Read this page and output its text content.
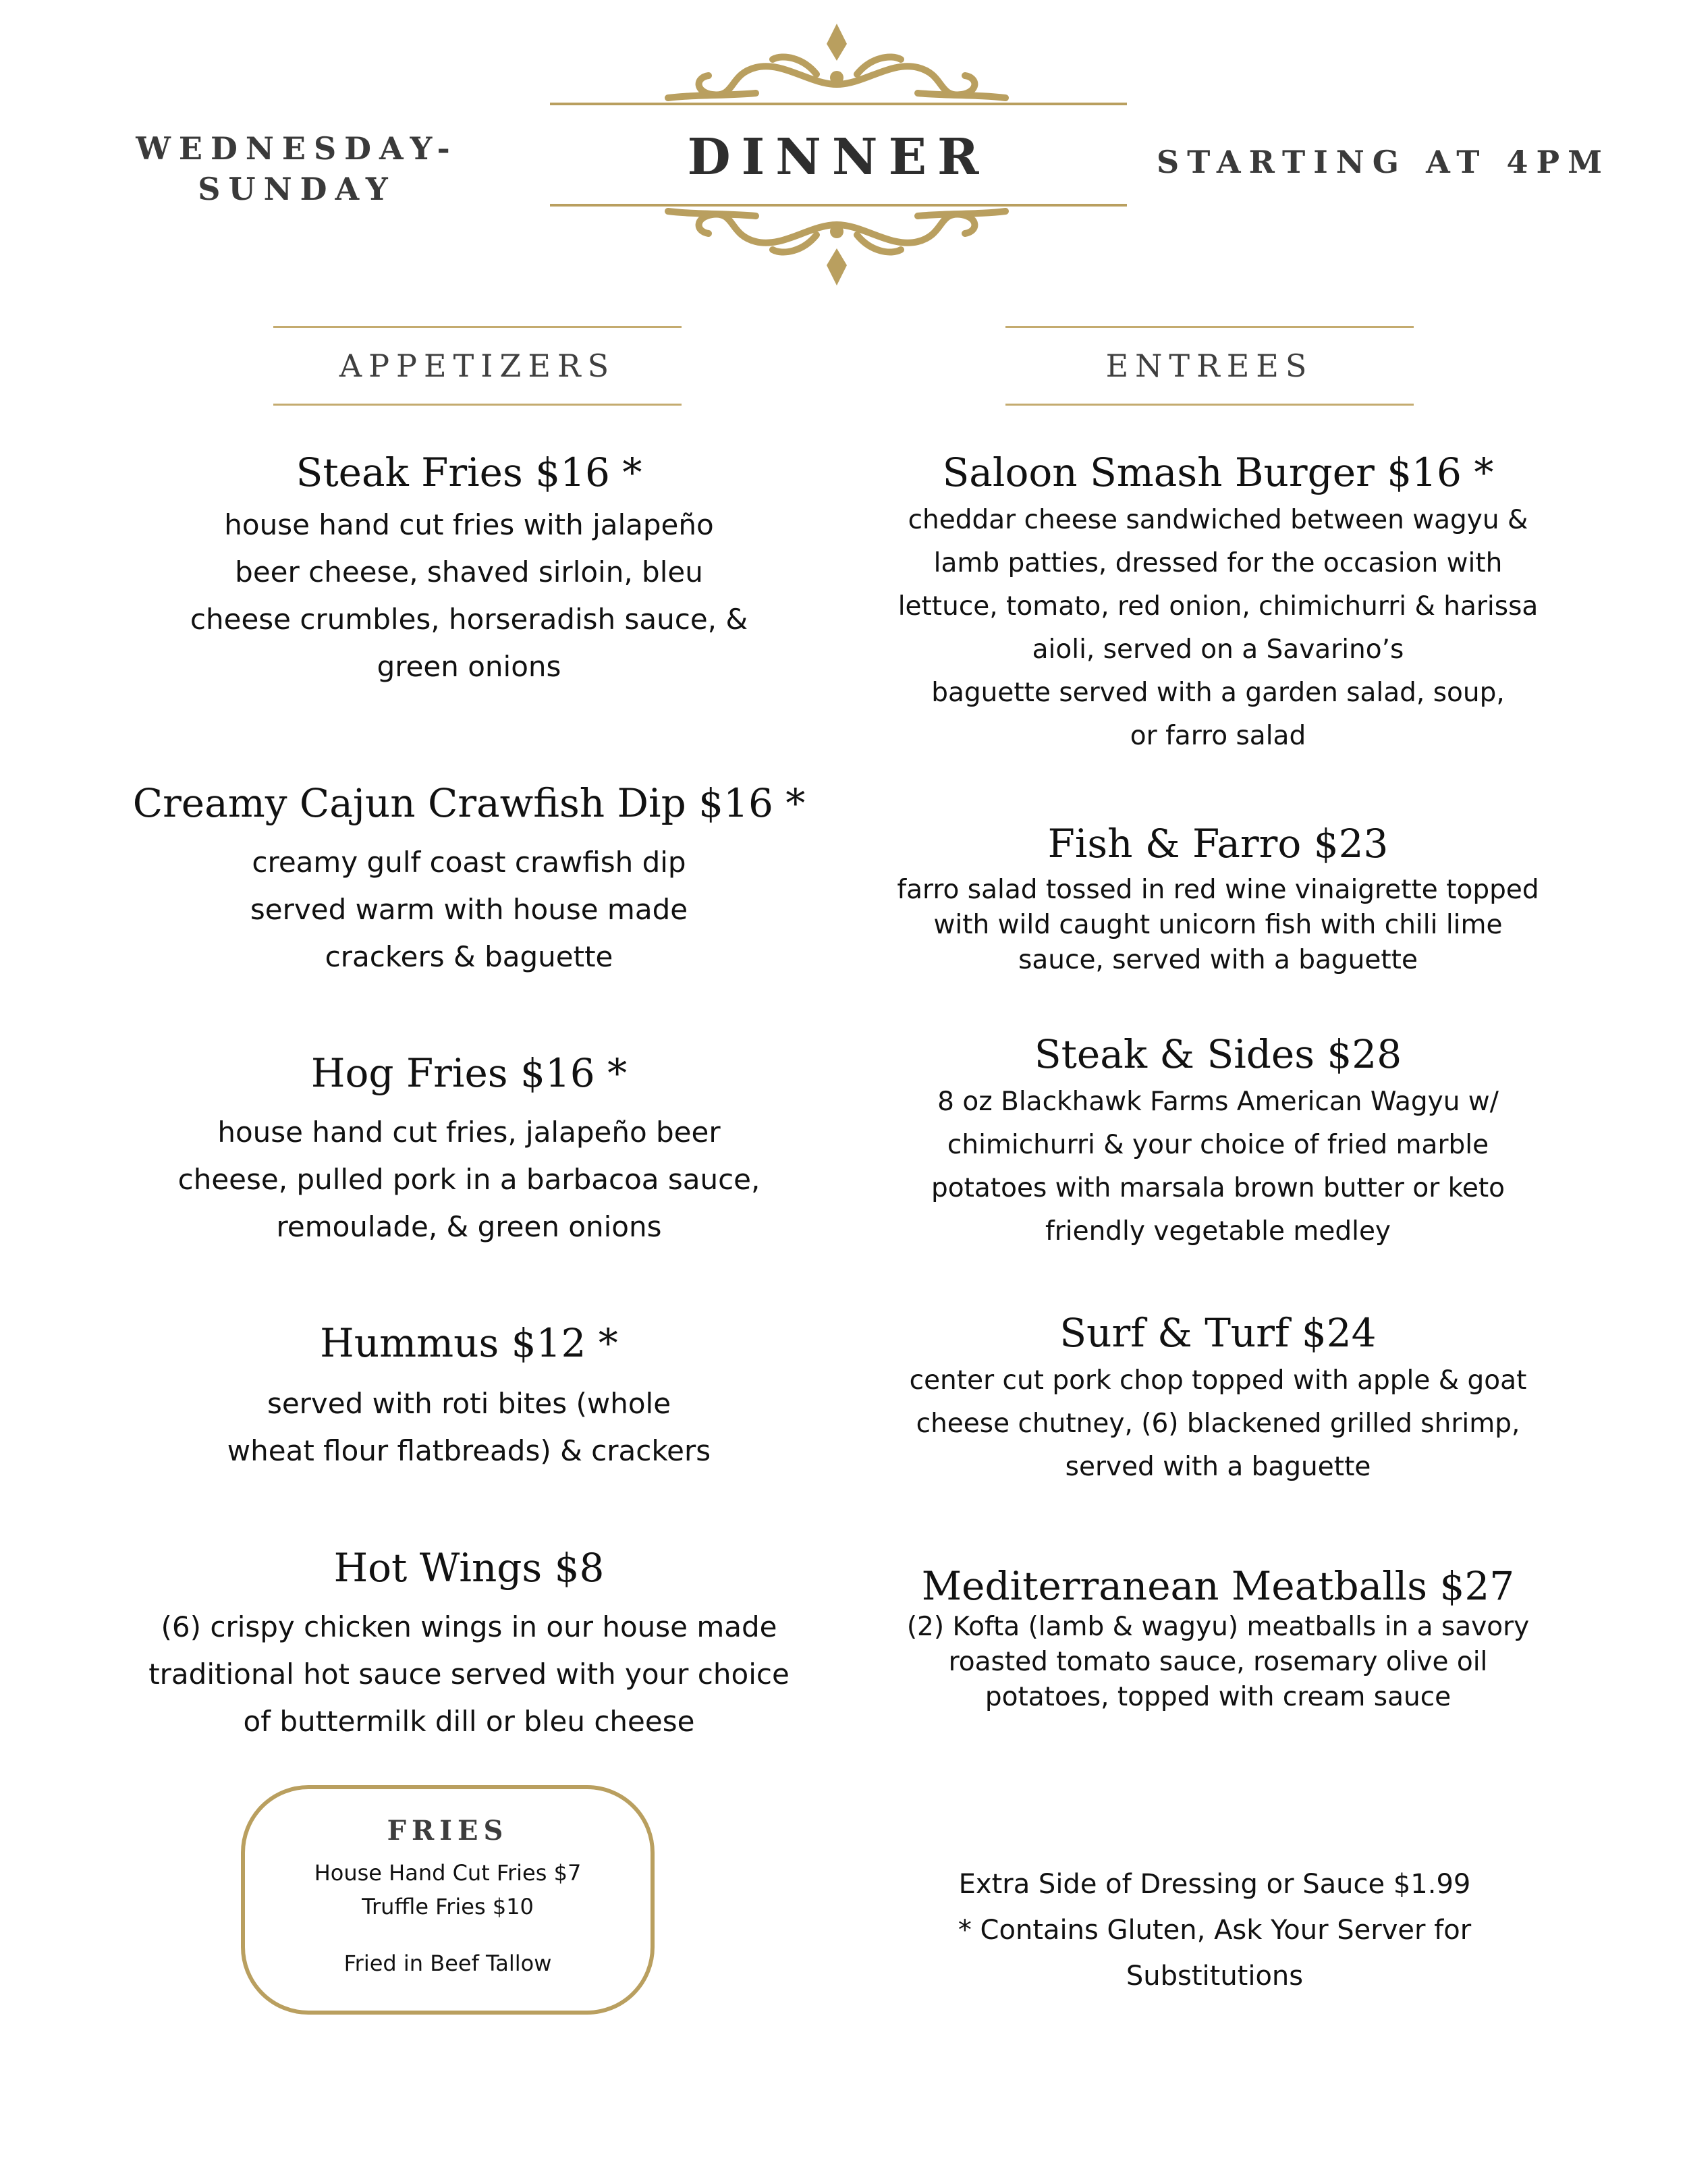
WEDNESDAY-
SUNDAY
DINNER	STARTING AT 4PM
APPETIZERS	ENTREES
Steak Fries $16 *
house hand cut fries with jalapeño
beer cheese, shaved sirloin, bleu
cheese crumbles, horseradish sauce, &
green onions
Creamy Cajun Crawfish Dip $16 *
creamy gulf coast crawfish dip
served warm with house made
crackers & baguette
Hog Fries $16 *
house hand cut fries, jalapeño beer
cheese, pulled pork in a barbacoa sauce,
remoulade, & green onions
Hummus $12 *
served with roti bites (whole
wheat flour flatbreads) & crackers
Hot Wings $8
(6) crispy chicken wings in our house made
traditional hot sauce served with your choice
of buttermilk dill or bleu cheese
Saloon Smash Burger $16 *
cheddar cheese sandwiched between wagyu &
lamb patties, dressed for the occasion with
lettuce, tomato, red onion, chimichurri & harissa
aioli, served on a Savarino’s
baguette served with a garden salad, soup,
or farro salad
Fish & Farro $23
farro salad tossed in red wine vinaigrette topped
with wild caught unicorn fish with chili lime
sauce, served with a baguette
Steak & Sides $28
8 oz Blackhawk Farms American Wagyu w/
chimichurri & your choice of fried marble
potatoes with marsala brown butter or keto
friendly vegetable medley
Surf & Turf $24
center cut pork chop topped with apple & goat
cheese chutney, (6) blackened grilled shrimp,
served with a baguette
Mediterranean Meatballs $27
(2) Kofta (lamb & wagyu) meatballs in a savory
roasted tomato sauce, rosemary olive oil
potatoes, topped with cream sauce
FRIES
House Hand Cut Fries $7
Truffle Fries $10
Fried in Beef Tallow
Extra Side of Dressing or Sauce $1.99
* Contains Gluten, Ask Your Server for
Substitutions
